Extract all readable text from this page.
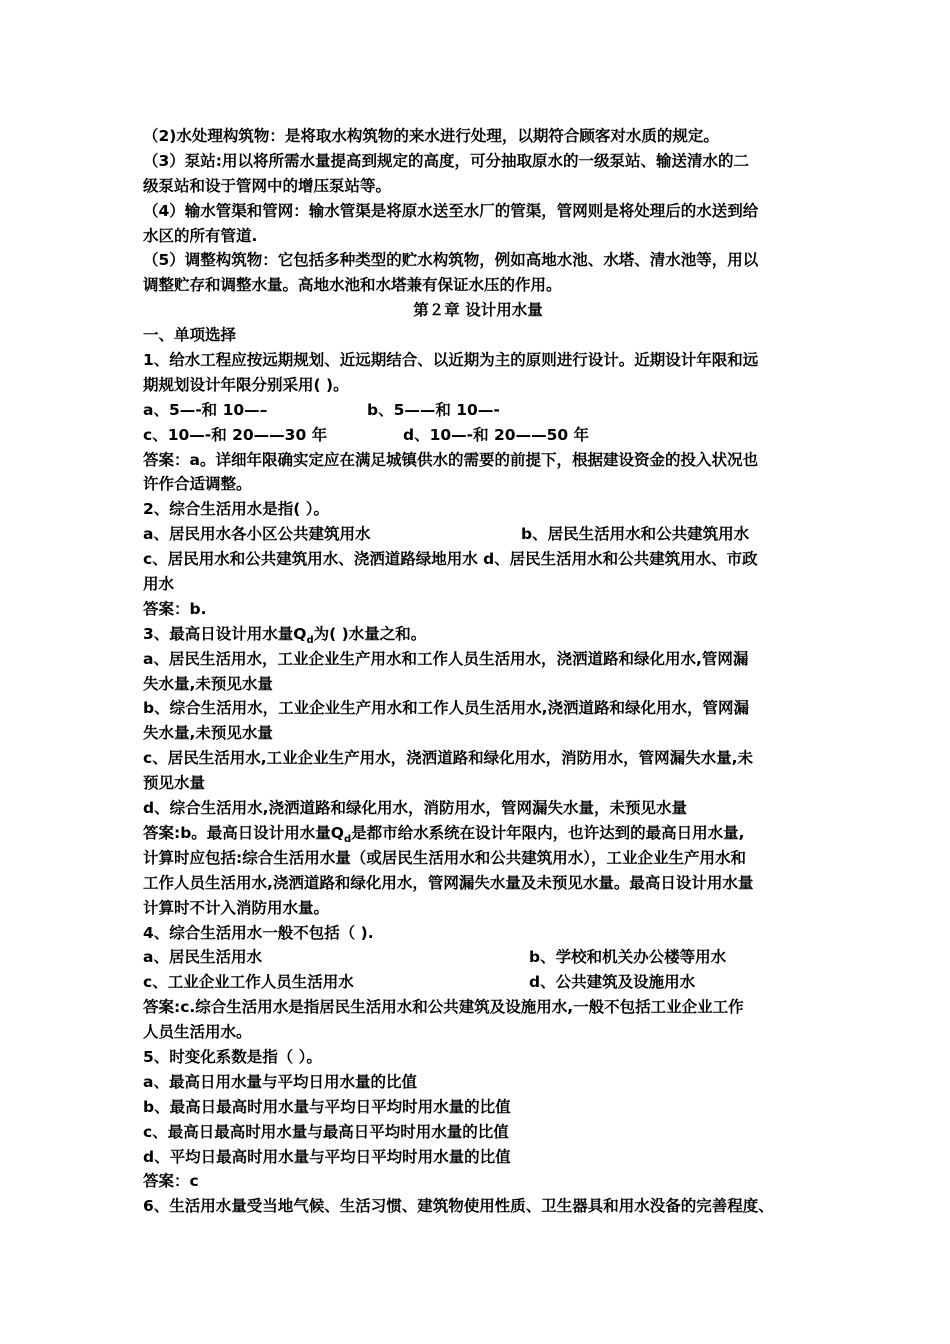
（2)水处理构筑物：是将取水构筑物的来水进行处理，以期符合顾客对水质的规定。
（3）泵站:用以将所需水量提高到规定的高度，可分抽取原水的一级泵站、输送清水的二
级泵站和设于管网中的增压泵站等。
（4）输水管渠和管网：输水管渠是将原水送至水厂的管渠，管网则是将处理后的水送到给
水区的所有管道.
（5）调整构筑物：它包括多种类型的贮水构筑物，例如高地水池、水塔、清水池等，用以
调整贮存和调整水量。高地水池和水塔兼有保证水压的作用。
第２章 设计用水量
一、单项选择
1、给水工程应按远期规划、近远期结合、以近期为主的原则进行设计。近期设计年限和远
期规划设计年限分别采用( )。
a、5—-和 10—–	b、5——和 10—-
c、10—-和 20——30 年	d、10—-和 20——50 年
答案：a。详细年限确实定应在满足城镇供水的需要的前提下，根据建设资金的投入状况也
许作合适调整。
2、综合生活用水是指( ）。
a、居民用水各小区公共建筑用水	b、居民生活用水和公共建筑用水
c、居民用水和公共建筑用水、浇洒道路绿地用水 d、居民生活用水和公共建筑用水、市政
用水
答案：b.
3、最高日设计用水量$Q_d$为( )水量之和。
a、居民生活用水，工业企业生产用水和工作人员生活用水，浇洒道路和绿化用水,管网漏
失水量,未预见水量
b、综合生活用水，工业企业生产用水和工作人员生活用水,浇洒道路和绿化用水，管网漏
失水量,未预见水量
c、居民生活用水,工业企业生产用水，浇洒道路和绿化用水，消防用水，管网漏失水量,未
预见水量
d、综合生活用水,浇洒道路和绿化用水，消防用水，管网漏失水量，未预见水量
答案:b。最高日设计用水量$Q_d$是都市给水系统在设计年限内，也许达到的最高日用水量,
计算时应包括:综合生活用水量（或居民生活用水和公共建筑用水），工业企业生产用水和
工作人员生活用水,浇洒道路和绿化用水，管网漏失水量及未预见水量。最高日设计用水量
计算时不计入消防用水量。
4、综合生活用水一般不包括（ ).
a、居民生活用水	b、学校和机关办公楼等用水
c、工业企业工作人员生活用水	d、公共建筑及设施用水
答案:c.综合生活用水是指居民生活用水和公共建筑及设施用水,一般不包括工业企业工作
人员生活用水。
5、时变化系数是指（ ）。
a、最高日用水量与平均日用水量的比值
b、最高日最高时用水量与平均日平均时用水量的比值
c、最高日最高时用水量与最高日平均时用水量的比值
d、平均日最高时用水量与平均日平均时用水量的比值
答案：c
6、生活用水量受当地气候、生活习惯、建筑物使用性质、卫生器具和用水没备的完善程度、
